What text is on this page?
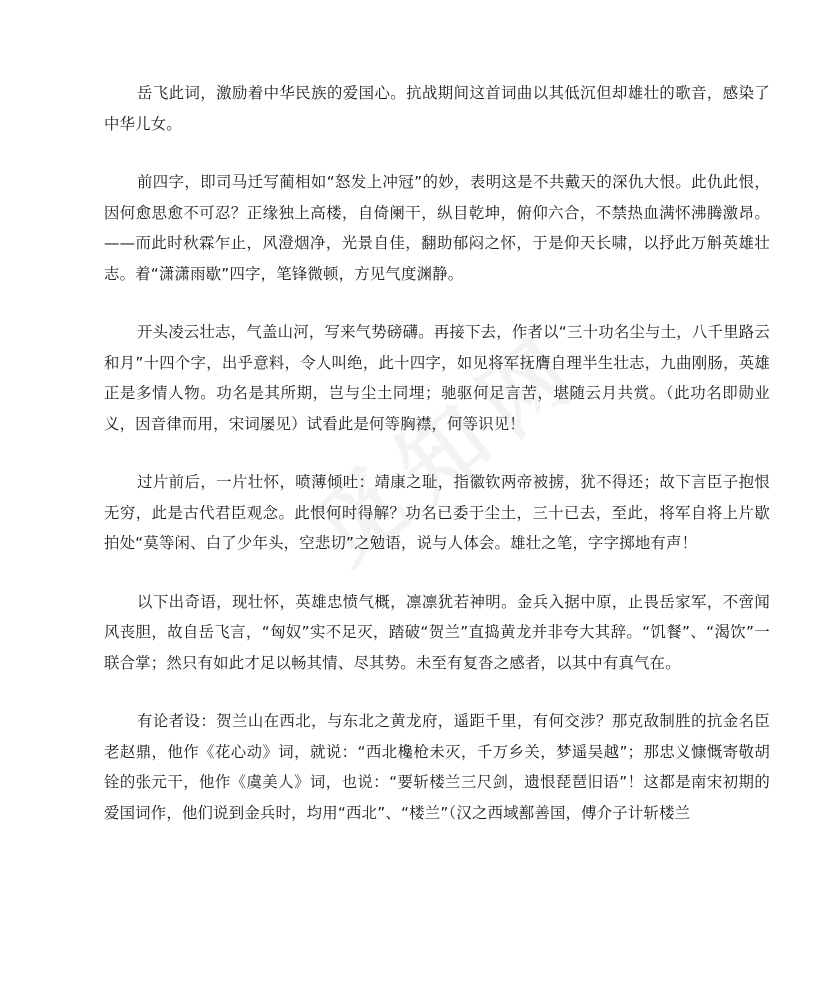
岳飞此词，激励着中华民族的爱国心。抗战期间这首词曲以其低沉但却雄壮的歌音，感染了中华儿女。

前四字，即司马迁写蔺相如“怒发上冲冠”的妙，表明这是不共戴天的深仇大恨。此仇此恨，因何愈思愈不可忍？正缘独上高楼，自倚阑干，纵目乾坤，俯仰六合，不禁热血满怀沸腾激昂。——而此时秋霖乍止，风澄烟净，光景自佳，翻助郁闷之怀，于是仰天长啸，以抒此万斛英雄壮志。着“潇潇雨歇”四字，笔锋微顿，方见气度渊静。

开头凌云壮志，气盖山河，写来气势磅礴。再接下去，作者以“三十功名尘与土，八千里路云和月”十四个字，出乎意料，令人叫绝，此十四字，如见将军抚膺自理半生壮志，九曲刚肠，英雄正是多情人物。功名是其所期，岂与尘土同埋；驰驱何足言苦，堪随云月共赏。（此功名即勋业义，因音律而用，宋词屡见）试看此是何等胸襟，何等识见！

过片前后，一片壮怀，喷薄倾吐：靖康之耻，指徽钦两帝被掳，犹不得还；故下言臣子抱恨无穷，此是古代君臣观念。此恨何时得解？功名已委于尘土，三十已去，至此，将军自将上片歇拍处“莫等闲、白了少年头，空悲切”之勉语，说与人体会。雄壮之笔，字字掷地有声！

以下出奇语，现壮怀，英雄忠愤气概，凛凛犹若神明。金兵入据中原，止畏岳家军，不啻闻风丧胆，故自岳飞言，“匈奴”实不足灭，踏破“贺兰”直捣黄龙并非夸大其辞。“饥餐”、“渴饮”一联合掌；然只有如此才足以畅其情、尽其势。未至有复沓之感者，以其中有真气在。

有论者设：贺兰山在西北，与东北之黄龙府，遥距千里，有何交涉？那克敌制胜的抗金名臣老赵鼎，他作《花心动》词，就说：“西北欃枪未灭，千万乡关，梦遥吴越”；那忠义慷慨寄敬胡铨的张元干，他作《虞美人》词，也说：“要斩楼兰三尺剑，遗恨琵琶旧语”！这都是南宋初期的爱国词作，他们说到金兵时，均用“西北”、“楼兰”（汉之西域鄯善国，傅介子计斩楼兰
